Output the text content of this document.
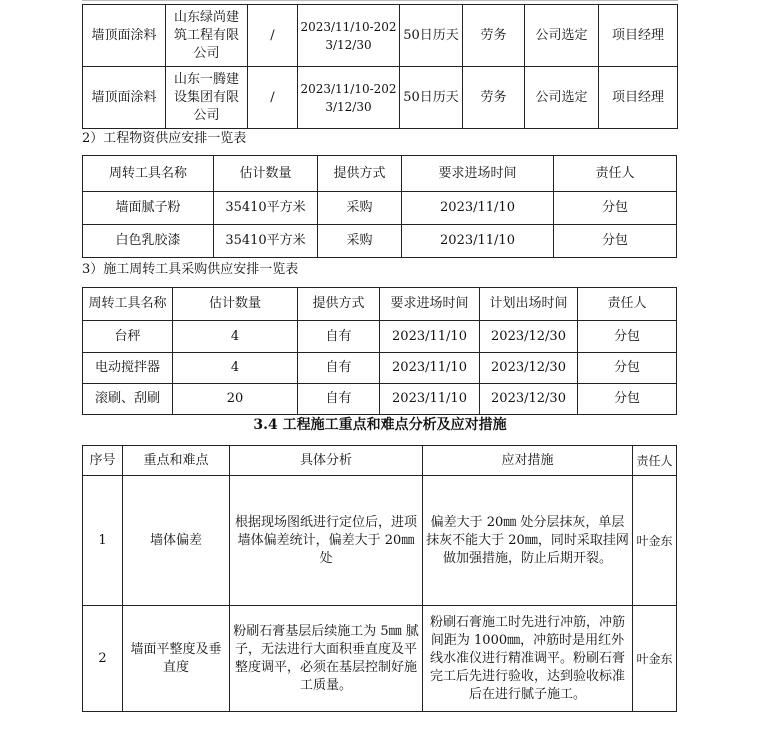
墙顶面涂料	山东绿尚建筑工程有限公司	/	2023/11/10-2023/12/30	50日历天	劳务	公司选定	项目经理
墙顶面涂料	山东一腾建设集团有限公司	/	2023/11/10-2023/12/30	50日历天	劳务	公司选定	项目经理
2）工程物资供应安排一览表
周转工具名称	估计数量	提供方式	要求进场时间	责任人
墙面腻子粉	35410平方米	采购	2023/11/10	分包
白色乳胶漆	35410平方米	采购	2023/11/10	分包
3）施工周转工具采购供应安排一览表
周转工具名称	估计数量	提供方式	要求进场时间	计划出场时间	责任人
台秤	4	自有	2023/11/10	2023/12/30	分包
电动搅拌器	4	自有	2023/11/10	2023/12/30	分包
滚刷、刮刷	20	自有	2023/11/10	2023/12/30	分包
3.4 工程施工重点和难点分析及应对措施
序号	重点和难点	具体分析	应对措施	责任人
1	墙体偏差	根据现场图纸进行定位后，进项墙体偏差统计，偏差大于 20㎜处	偏差大于 20㎜ 处分层抹灰，单层抹灰不能大于 20㎜，同时采取挂网做加强措施，防止后期开裂。	叶金东
2	墙面平整度及垂直度	粉刷石膏基层后续施工为 5㎜ 腻子，无法进行大面积垂直度及平整度调平，必须在基层控制好施工质量。	粉刷石膏施工时先进行冲筋，冲筋间距为 1000㎜，冲筋时是用红外线水准仪进行精准调平。粉刷石膏完工后先进行验收，达到验收标准后在进行腻子施工。	叶金东
